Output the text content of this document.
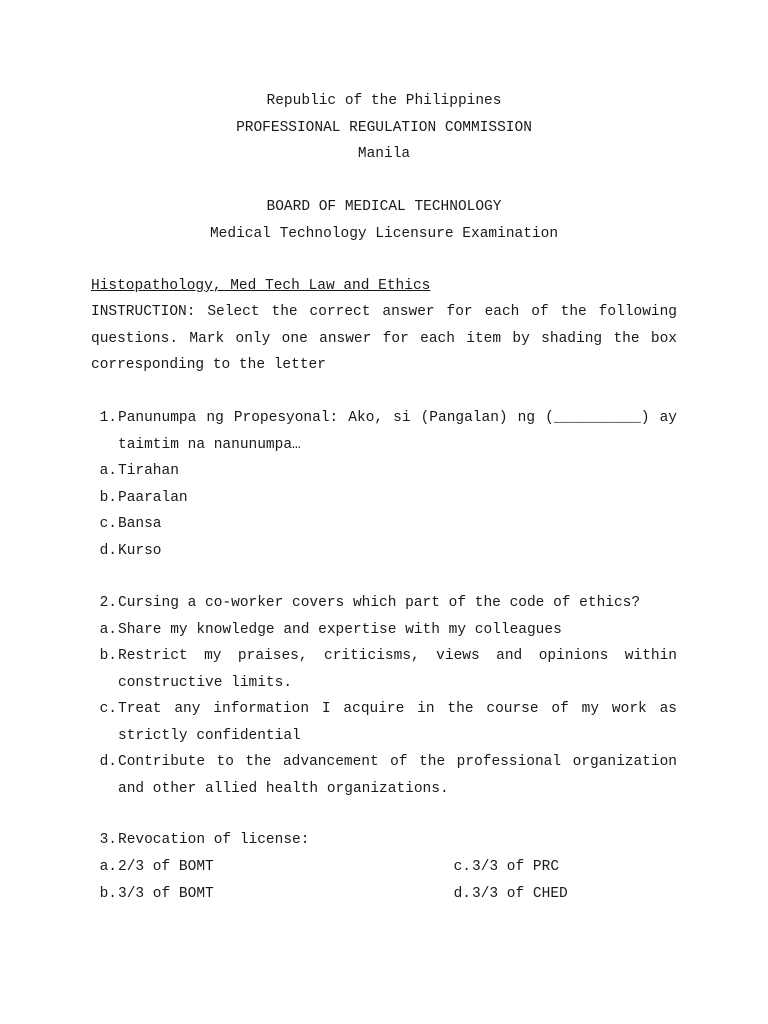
Republic of the Philippines
PROFESSIONAL REGULATION COMMISSION
Manila
BOARD OF MEDICAL TECHNOLOGY
Medical Technology Licensure Examination
Histopathology, Med Tech Law and Ethics
INSTRUCTION: Select the correct answer for each of the following questions. Mark only one answer for each item by shading the box corresponding to the letter
1. Panunumpa ng Propesyonal: Ako, si (Pangalan) ng (__________) ay taimtim na nanunumpa…
a. Tirahan
b. Paaralan
c. Bansa
d. Kurso
2. Cursing a co-worker covers which part of the code of ethics?
a. Share my knowledge and expertise with my colleagues
b. Restrict my praises, criticisms, views and opinions within constructive limits.
c. Treat any information I acquire in the course of my work as strictly confidential
d. Contribute to the advancement of the professional organization and other allied health organizations.
3. Revocation of license:
a. 2/3 of BOMT
b. 3/3 of BOMT
c. 3/3 of PRC
d. 3/3 of CHED
